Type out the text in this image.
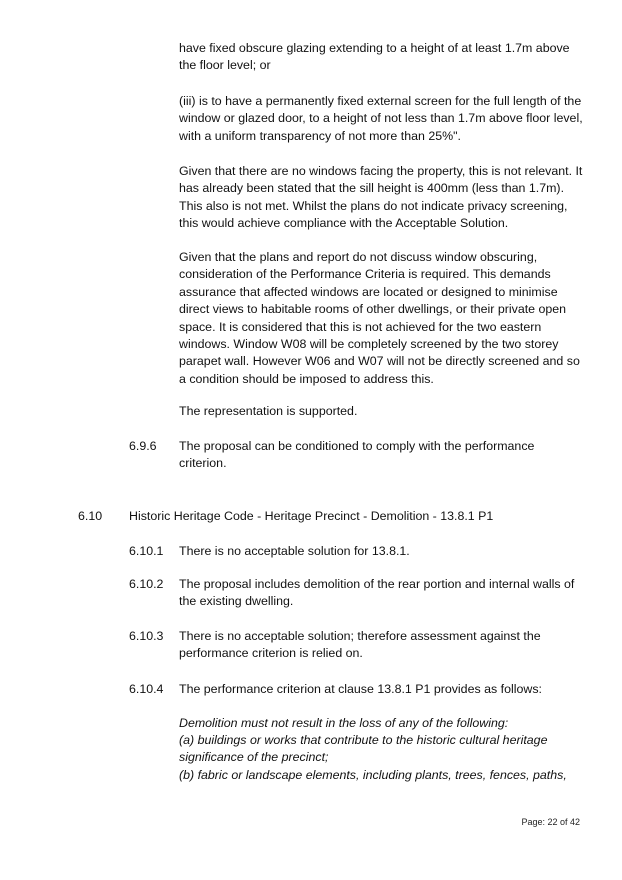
have fixed obscure glazing extending to a height of at least 1.7m above the floor level; or

(iii) is to have a permanently fixed external screen for the full length of the window or glazed door, to a height of not less than 1.7m above floor level, with a uniform transparency of not more than 25%".

Given that there are no windows facing the property, this is not relevant. It has already been stated that the sill height is 400mm (less than 1.7m). This also is not met. Whilst the plans do not indicate privacy screening, this would achieve compliance with the Acceptable Solution.

Given that the plans and report do not discuss window obscuring, consideration of the Performance Criteria is required. This demands assurance that affected windows are located or designed to minimise direct views to habitable rooms of other dwellings, or their private open space. It is considered that this is not achieved for the two eastern windows. Window W08 will be completely screened by the two storey parapet wall. However W06 and W07 will not be directly screened and so a condition should be imposed to address this.

The representation is supported.

6.9.6 The proposal can be conditioned to comply with the performance criterion.

6.10 Historic Heritage Code - Heritage Precinct - Demolition - 13.8.1 P1

6.10.1 There is no acceptable solution for 13.8.1.

6.10.2 The proposal includes demolition of the rear portion and internal walls of the existing dwelling.

6.10.3 There is no acceptable solution; therefore assessment against the performance criterion is relied on.

6.10.4 The performance criterion at clause 13.8.1 P1 provides as follows:

Demolition must not result in the loss of any of the following:

(a) buildings or works that contribute to the historic cultural heritage significance of the precinct;

(b) fabric or landscape elements, including plants, trees, fences, paths,

Page: 22 of 42
